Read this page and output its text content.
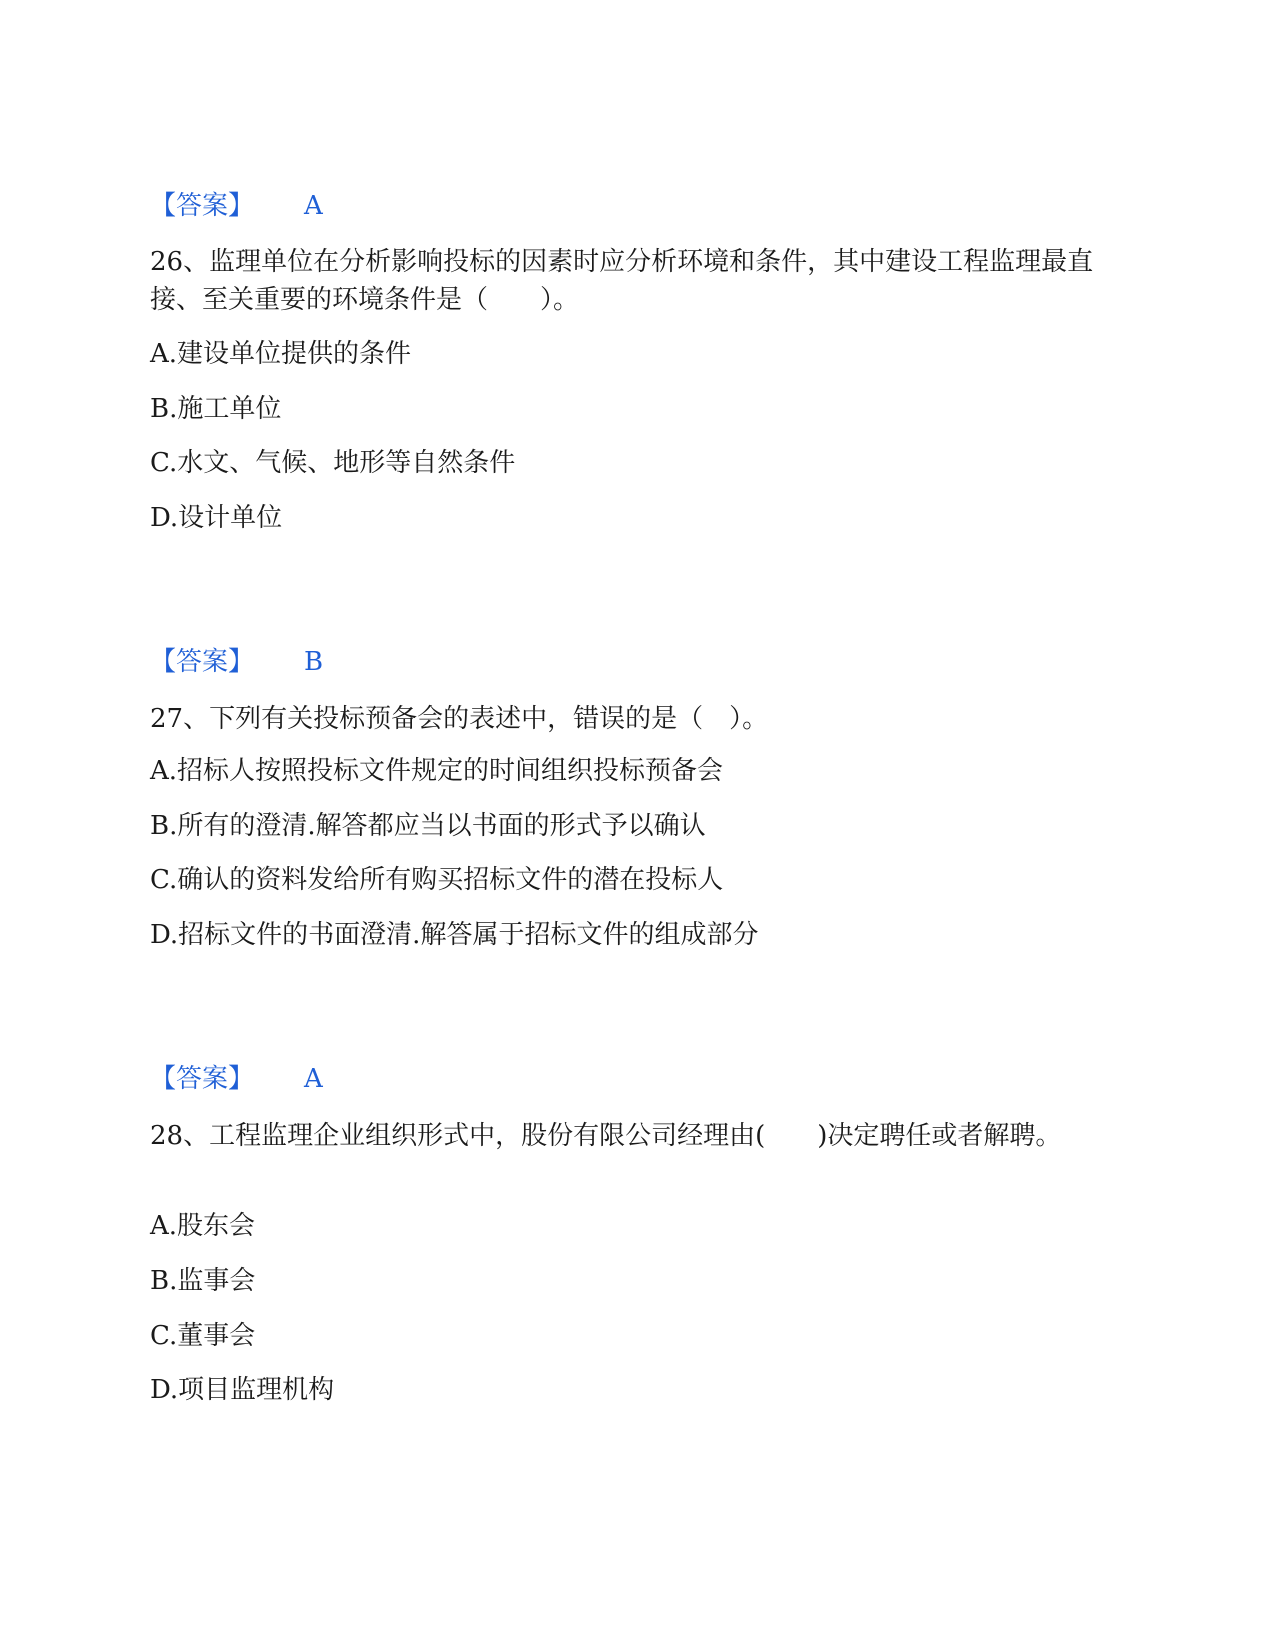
【答案】 A
26、监理单位在分析影响投标的因素时应分析环境和条件，其中建设工程监理最直接、至关重要的环境条件是（　　）。
A.建设单位提供的条件
B.施工单位
C.水文、气候、地形等自然条件
D.设计单位
【答案】 B
27、下列有关投标预备会的表述中，错误的是（　）。
A.招标人按照投标文件规定的时间组织投标预备会
B.所有的澄清.解答都应当以书面的形式予以确认
C.确认的资料发给所有购买招标文件的潜在投标人
D.招标文件的书面澄清.解答属于招标文件的组成部分
【答案】 A
28、工程监理企业组织形式中，股份有限公司经理由(　　)决定聘任或者解聘。
A.股东会
B.监事会
C.董事会
D.项目监理机构
